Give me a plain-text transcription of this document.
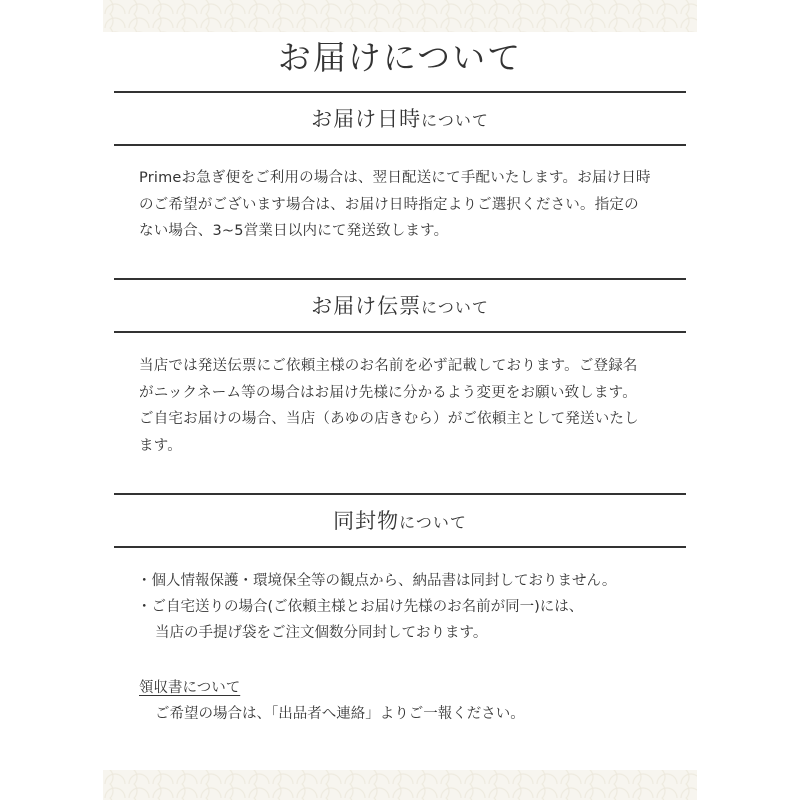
お届けについて
お届け日時について
Primeお急ぎ便をご利用の場合は、翌日配送にて手配いたします。お届け日時
のご希望がございます場合は、お届け日時指定よりご選択ください。指定の
ない場合、3~5営業日以内にて発送致します。
お届け伝票について
当店では発送伝票にご依頼主様のお名前を必ず記載しております。ご登録名
がニックネーム等の場合はお届け先様に分かるよう変更をお願い致します。
ご自宅お届けの場合、当店（あゆの店きむら）がご依頼主として発送いたし
ます。
同封物について
・個人情報保護・環境保全等の観点から、納品書は同封しておりません。
・ご自宅送りの場合(ご依頼主様とお届け先様のお名前が同一)には、
当店の手提げ袋をご注文個数分同封しております。
領収書について

ご希望の場合は、「出品者へ連絡」よりご一報ください。
